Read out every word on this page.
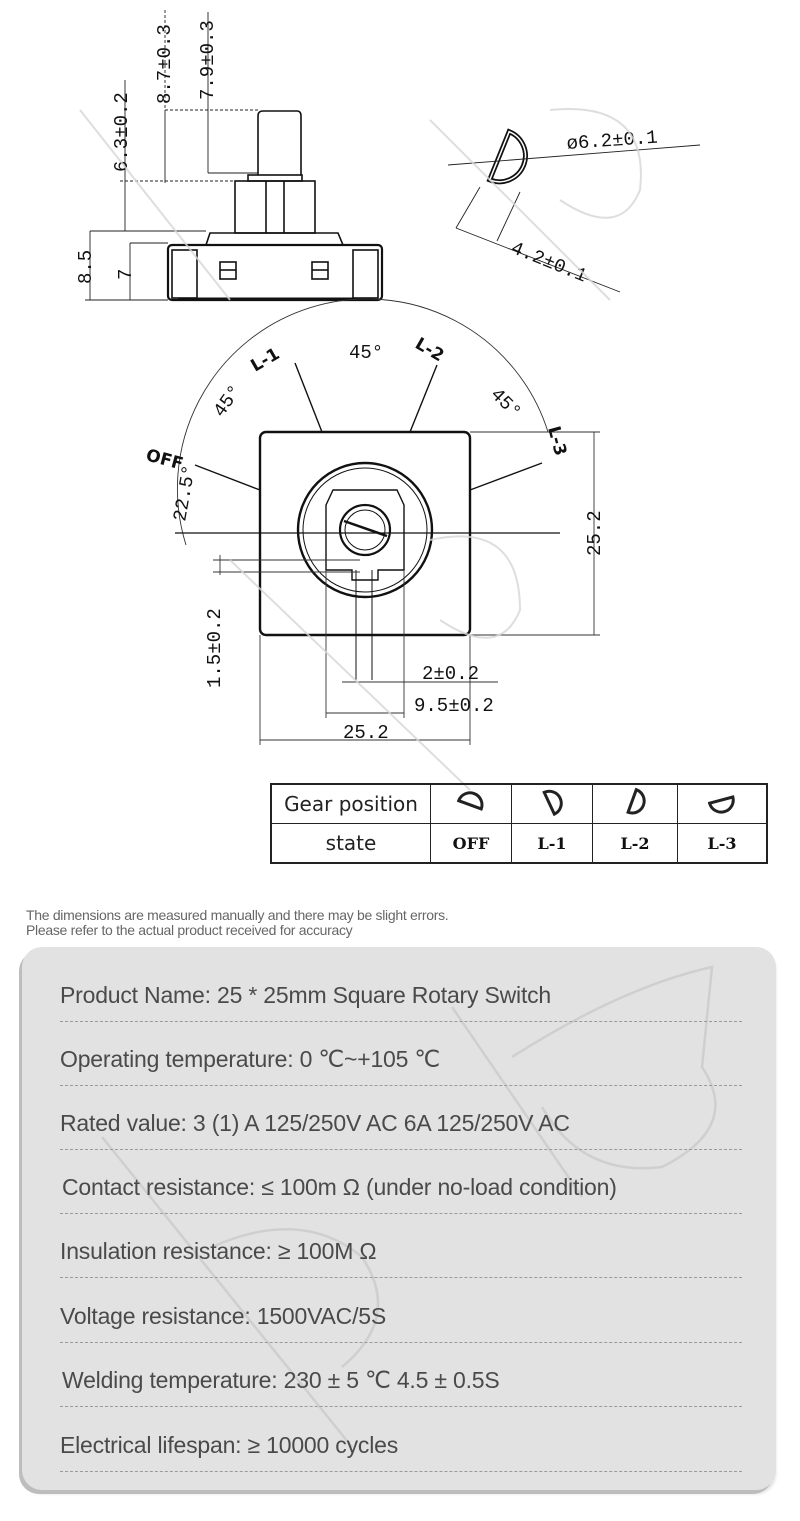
8.7±0.3 7.9±0.3
6.3±0.2
8.5 7
ø6.2±0.1
4.2±0.1
OFF
L-1	L-2
L-3
22.5°
45°
45°
45°
25.2
25.2
1.5±0.2	2±0.2
9.5±0.2
Gear position				
state	OFF	L-1	L-2	L-3
The dimensions are measured manually and there may be slight errors.
Please refer to the actual product received for accuracy
Product Name: 25 * 25mm Square Rotary Switch
Operating temperature: 0 ℃~+105 ℃
Rated value: 3 (1) A 125/250V AC 6A 125/250V AC
Contact resistance: ≤ 100m Ω (under no-load condition)
Insulation resistance: ≥ 100M Ω
Voltage resistance: 1500VAC/5S
Welding temperature: 230 ± 5 ℃ 4.5 ± 0.5S
Electrical lifespan: ≥ 10000 cycles
